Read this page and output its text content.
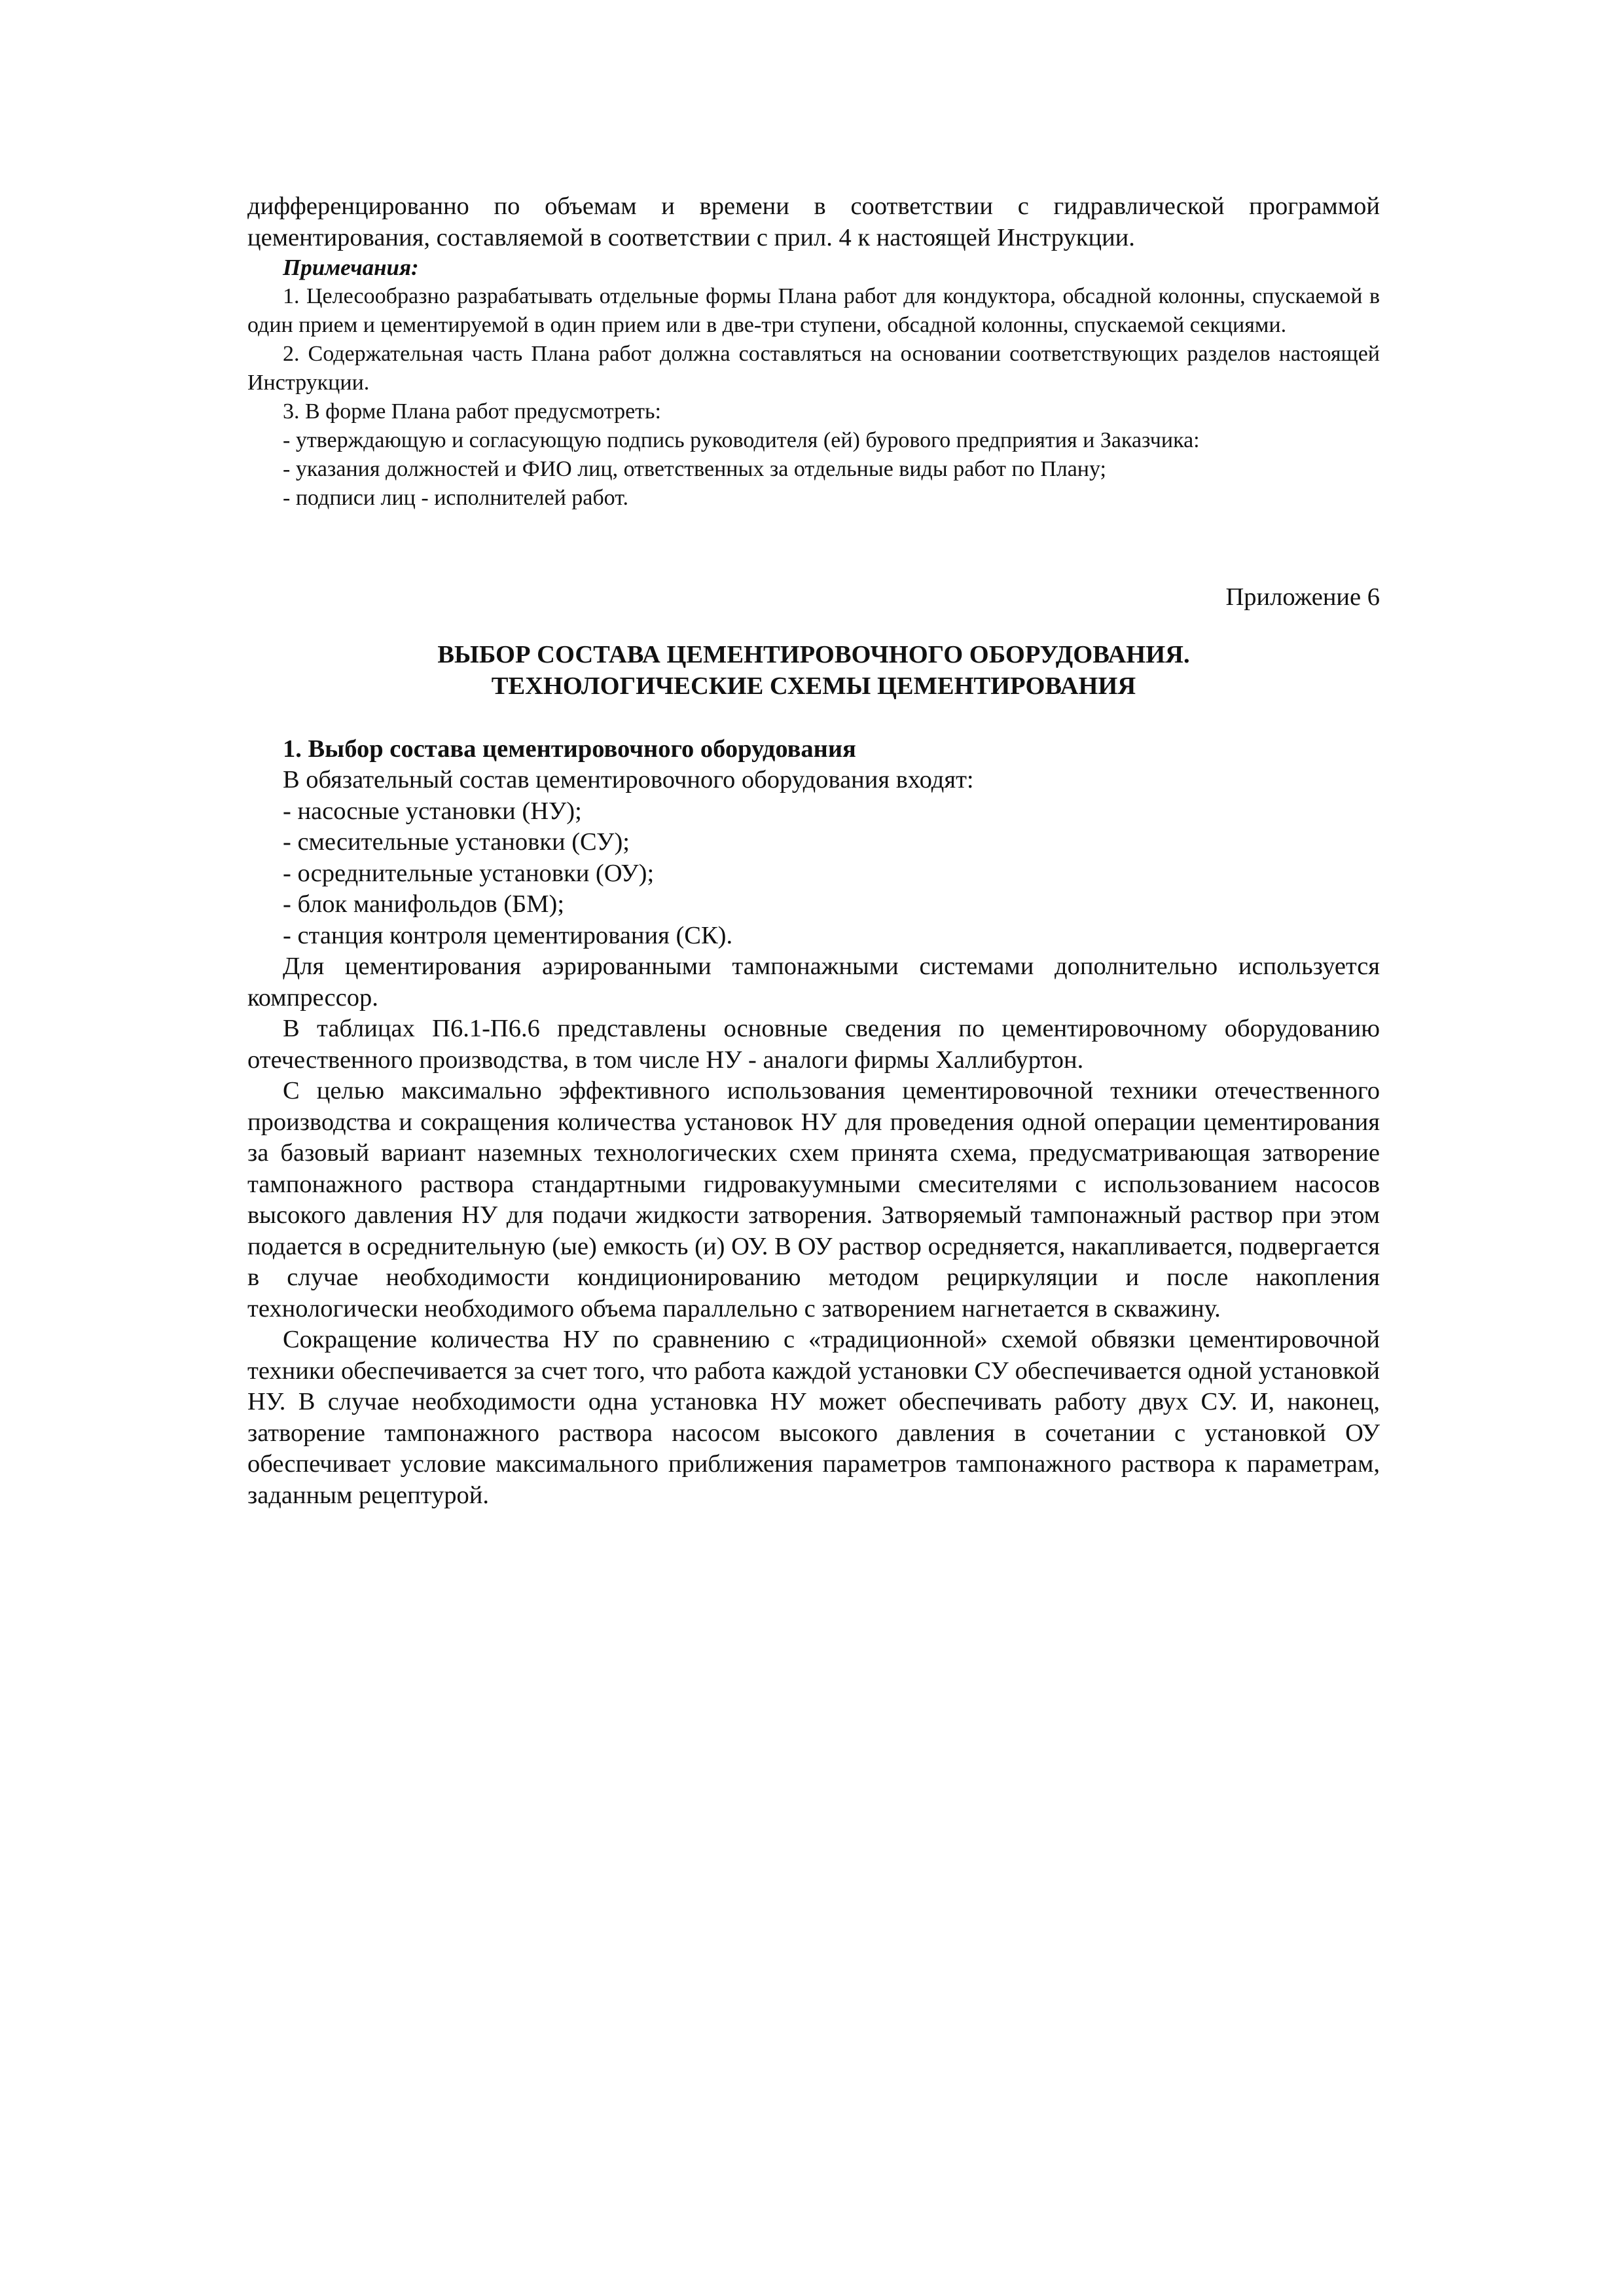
дифференцированно по объемам и времени в соответствии с гидравлической программой цементирования, составляемой в соответствии с прил. 4 к настоящей Инструкции.

Примечания:

1. Целесообразно разрабатывать отдельные формы Плана работ для кондуктора, обсадной колонны, спускаемой в один прием и цементируемой в один прием или в две-три ступени, обсадной колонны, спускаемой секциями.

2. Содержательная часть Плана работ должна составляться на основании соответствующих разделов настоящей Инструкции.

3. В форме Плана работ предусмотреть:

- утверждающую и согласующую подпись руководителя (ей) бурового предприятия и Заказчика:

- указания должностей и ФИО лиц, ответственных за отдельные виды работ по Плану;

- подписи лиц - исполнителей работ.

Приложение 6

ВЫБОР СОСТАВА ЦЕМЕНТИРОВОЧНОГО ОБОРУДОВАНИЯ.
ТЕХНОЛОГИЧЕСКИЕ СХЕМЫ ЦЕМЕНТИРОВАНИЯ

1. Выбор состава цементировочного оборудования

В обязательный состав цементировочного оборудования входят:

- насосные установки (НУ);

- смесительные установки (СУ);

- осреднительные установки (ОУ);

- блок манифольдов (БМ);

- станция контроля цементирования (СК).

Для цементирования аэрированными тампонажными системами дополнительно используется компрессор.

В таблицах П6.1-П6.6 представлены основные сведения по цементировочному оборудованию отечественного производства, в том числе НУ - аналоги фирмы Халлибуртон.

С целью максимально эффективного использования цементировочной техники отечественного производства и сокращения количества установок НУ для проведения одной операции цементирования за базовый вариант наземных технологических схем принята схема, предусматривающая затворение тампонажного раствора стандартными гидровакуумными смесителями с использованием насосов высокого давления НУ для подачи жидкости затворения. Затворяемый тампонажный раствор при этом подается в осреднительную (ые) емкость (и) ОУ. В ОУ раствор осредняется, накапливается, подвергается в случае необходимости кондиционированию методом рециркуляции и после накопления технологически необходимого объема параллельно с затворением нагнетается в скважину.

Сокращение количества НУ по сравнению с «традиционной» схемой обвязки цементировочной техники обеспечивается за счет того, что работа каждой установки СУ обеспечивается одной установкой НУ. В случае необходимости одна установка НУ может обеспечивать работу двух СУ. И, наконец, затворение тампонажного раствора насосом высокого давления в сочетании с установкой ОУ обеспечивает условие максимального приближения параметров тампонажного раствора к параметрам, заданным рецептурой.
